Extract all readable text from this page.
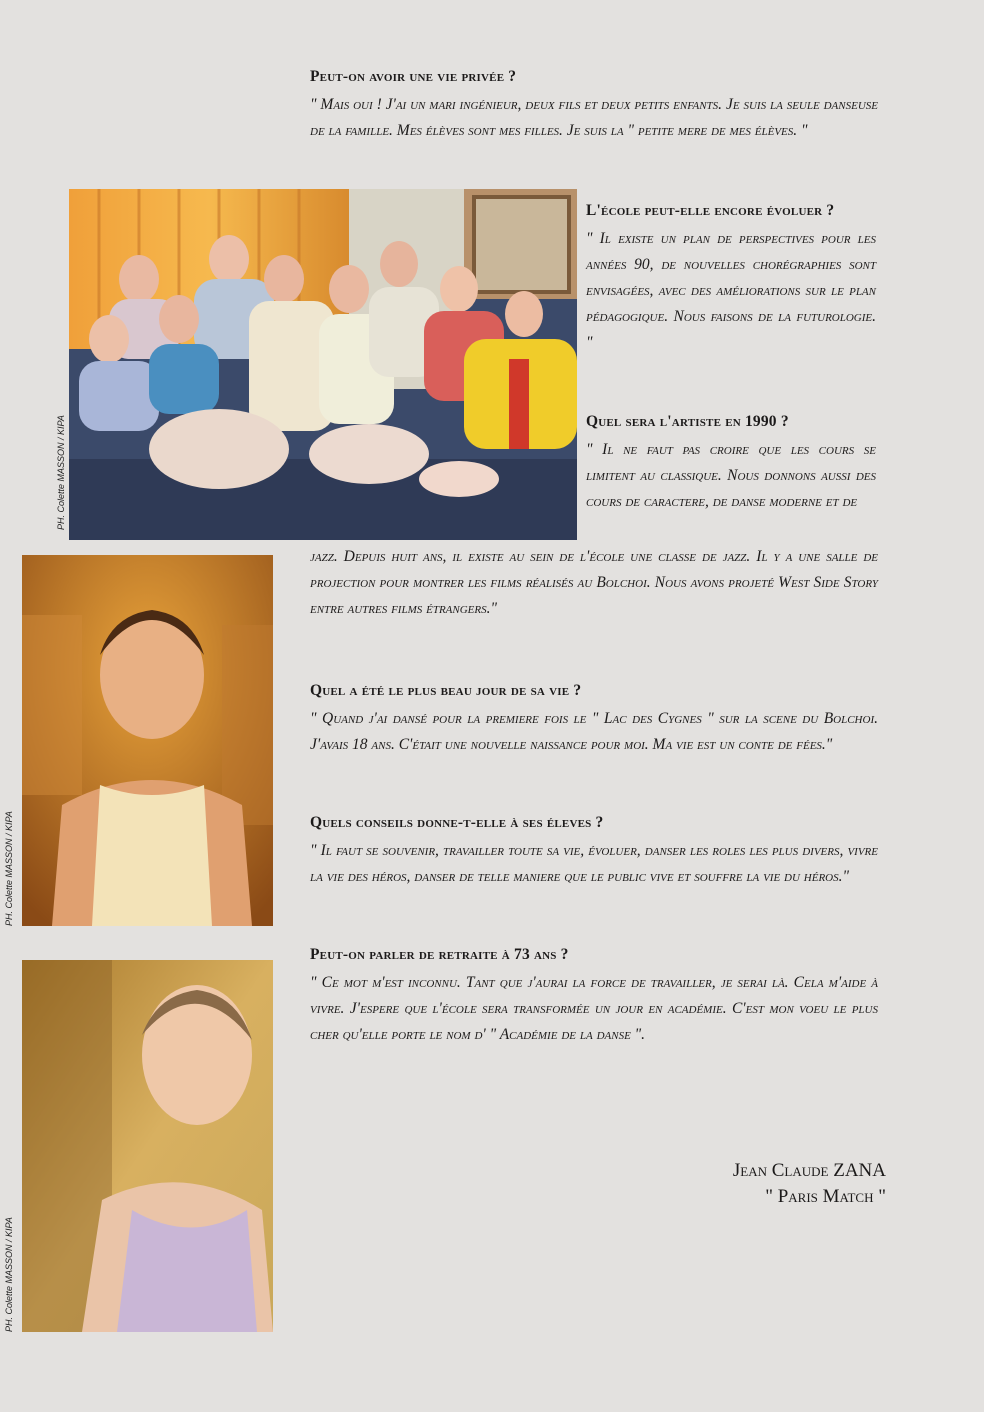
Peut-on avoir une vie privée ?

" Mais oui ! J'ai un mari ingénieur, deux fils et deux petits enfants. Je suis la seule danseuse de la famille. Mes élèves sont mes filles. Je suis la " petite mere de mes élèves. "

PH. Colette MASSON / KIPA
L'école peut-elle encore évoluer ?

" Il existe un plan de perspectives pour les années 90, de nouvelles chorégraphies sont envisagées, avec des améliorations sur le plan pédagogique. Nous faisons de la futurologie. "

Quel sera l'artiste en 1990 ?

" Il ne faut pas croire que les cours se limitent au classique. Nous donnons aussi des cours de caractere, de danse moderne et de

PH. Colette MASSON / KIPA

jazz. Depuis huit ans, il existe au sein de l'école une classe de jazz. Il y a une salle de projection pour montrer les films réalisés au Bolchoi. Nous avons projeté West Side Story entre autres films étrangers."

Quel a été le plus beau jour de sa vie ?

" Quand j'ai dansé pour la premiere fois le " Lac des Cygnes " sur la scene du Bolchoi. J'avais 18 ans. C'était une nouvelle naissance pour moi. Ma vie est un conte de fées."

Quels conseils donne-t-elle à ses éleves ?

" Il faut se souvenir, travailler toute sa vie, évoluer, danser les roles les plus divers, vivre la vie des héros, danser de telle maniere que le public vive et souffre la vie du héros."

PH. Colette MASSON / KIPA
Peut-on parler de retraite à 73 ans ?

" Ce mot m'est inconnu. Tant que j'aurai la force de travailler, je serai là. Cela m'aide à vivre. J'espere que l'école sera transformée un jour en académie. C'est mon voeu le plus cher qu'elle porte le nom d' " Académie de la danse ".

Jean Claude ZANA

" Paris Match "
